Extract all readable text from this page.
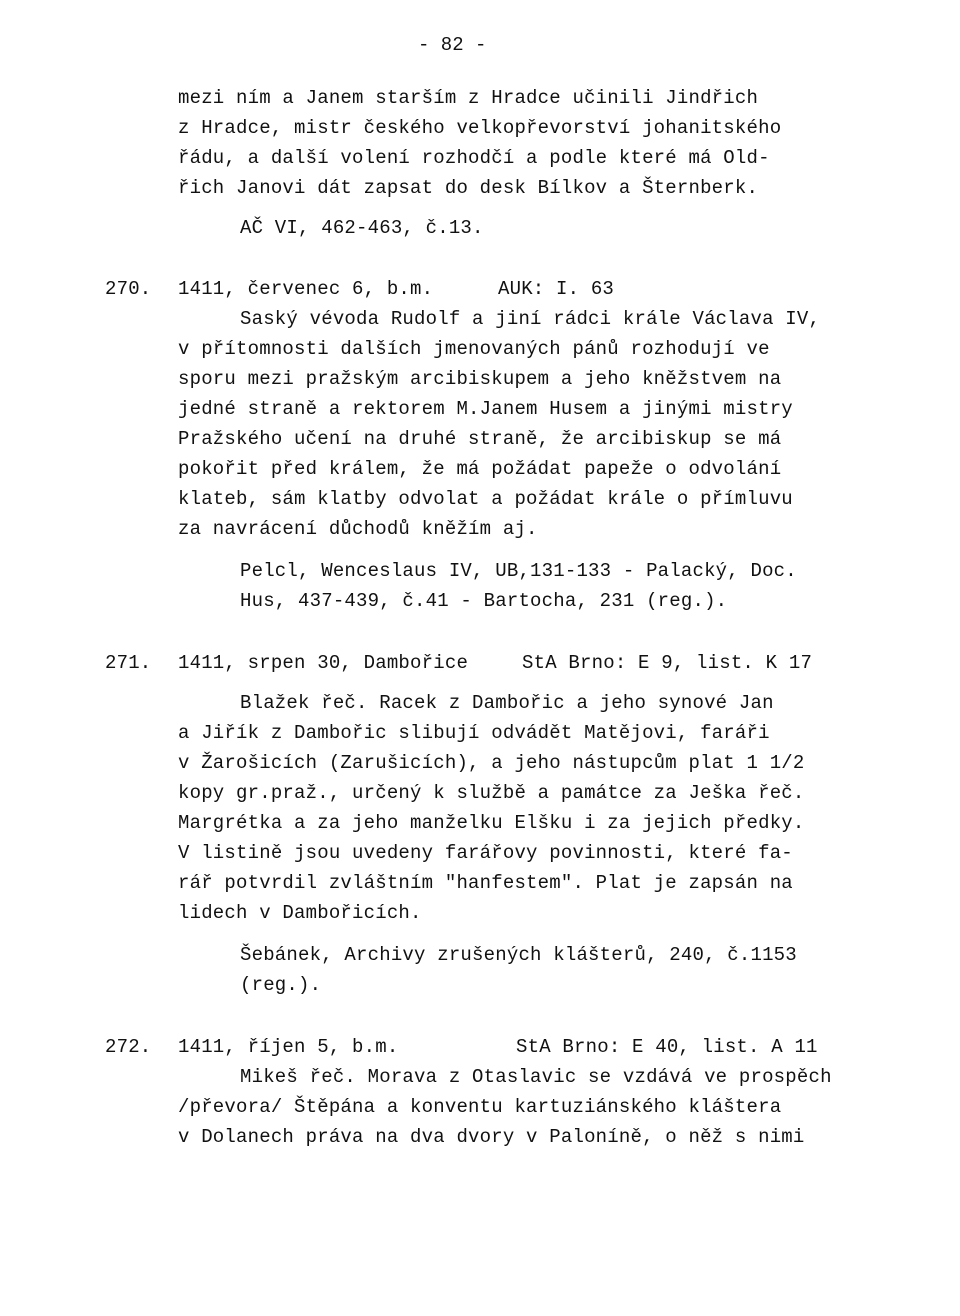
- 82 -
mezi ním a Janem starším z Hradce učinili Jindřich
z Hradce, mistr českého velkopřevorství johanitského
řádu, a další volení rozhodčí a podle které má Old-
řich Janovi dát zapsat do desk Bílkov a Šternberk.
AČ VI, 462-463, č.13.
270. 1411, červenec 6, b.m.	AUK: I. 63
Saský vévoda Rudolf a jiní rádci krále Václava IV,
v přítomnosti dalších jmenovaných pánů rozhodují ve
sporu mezi pražským arcibiskupem a jeho kněžstvem na
jedné straně a rektorem M.Janem Husem a jinými mistry
Pražského učení na druhé straně, že arcibiskup se má
pokořit před králem, že má požádat papeže o odvolání
klateb, sám klatby odvolat a požádat krále o přímluvu
za navrácení důchodů kněžím aj.
Pelcl, Wenceslaus IV, UB,131-133 - Palacký, Doc.
Hus, 437-439, č.41 - Bartocha, 231 (reg.).
271. 1411, srpen 30, Dambořice	StA Brno: E 9, list. K 17
Blažek řeč. Racek z Dambořic a jeho synové Jan
a Jiřík z Dambořic slibují odvádět Matějovi, faráři
v Žarošicích (Zarušicích), a jeho nástupcům plat 1 1/2
kopy gr.praž., určený k službě a památce za Ješka řeč.
Margrétka a za jeho manželku Elšku i za jejich předky.
V listině jsou uvedeny farářovy povinnosti, které fa-
rář potvrdil zvláštním "hanfestem". Plat je zapsán na
lidech v Dambořicích.
Šebánek, Archivy zrušených klášterů, 240, č.1153
(reg.).
272. 1411, říjen 5, b.m.	StA Brno: E 40, list. A 11
Mikeš řeč. Morava z Otaslavic se vzdává ve prospěch
/převora/ Štěpána a konventu kartuziánského kláštera
v Dolanech práva na dva dvory v Paloníně, o něž s nimi
